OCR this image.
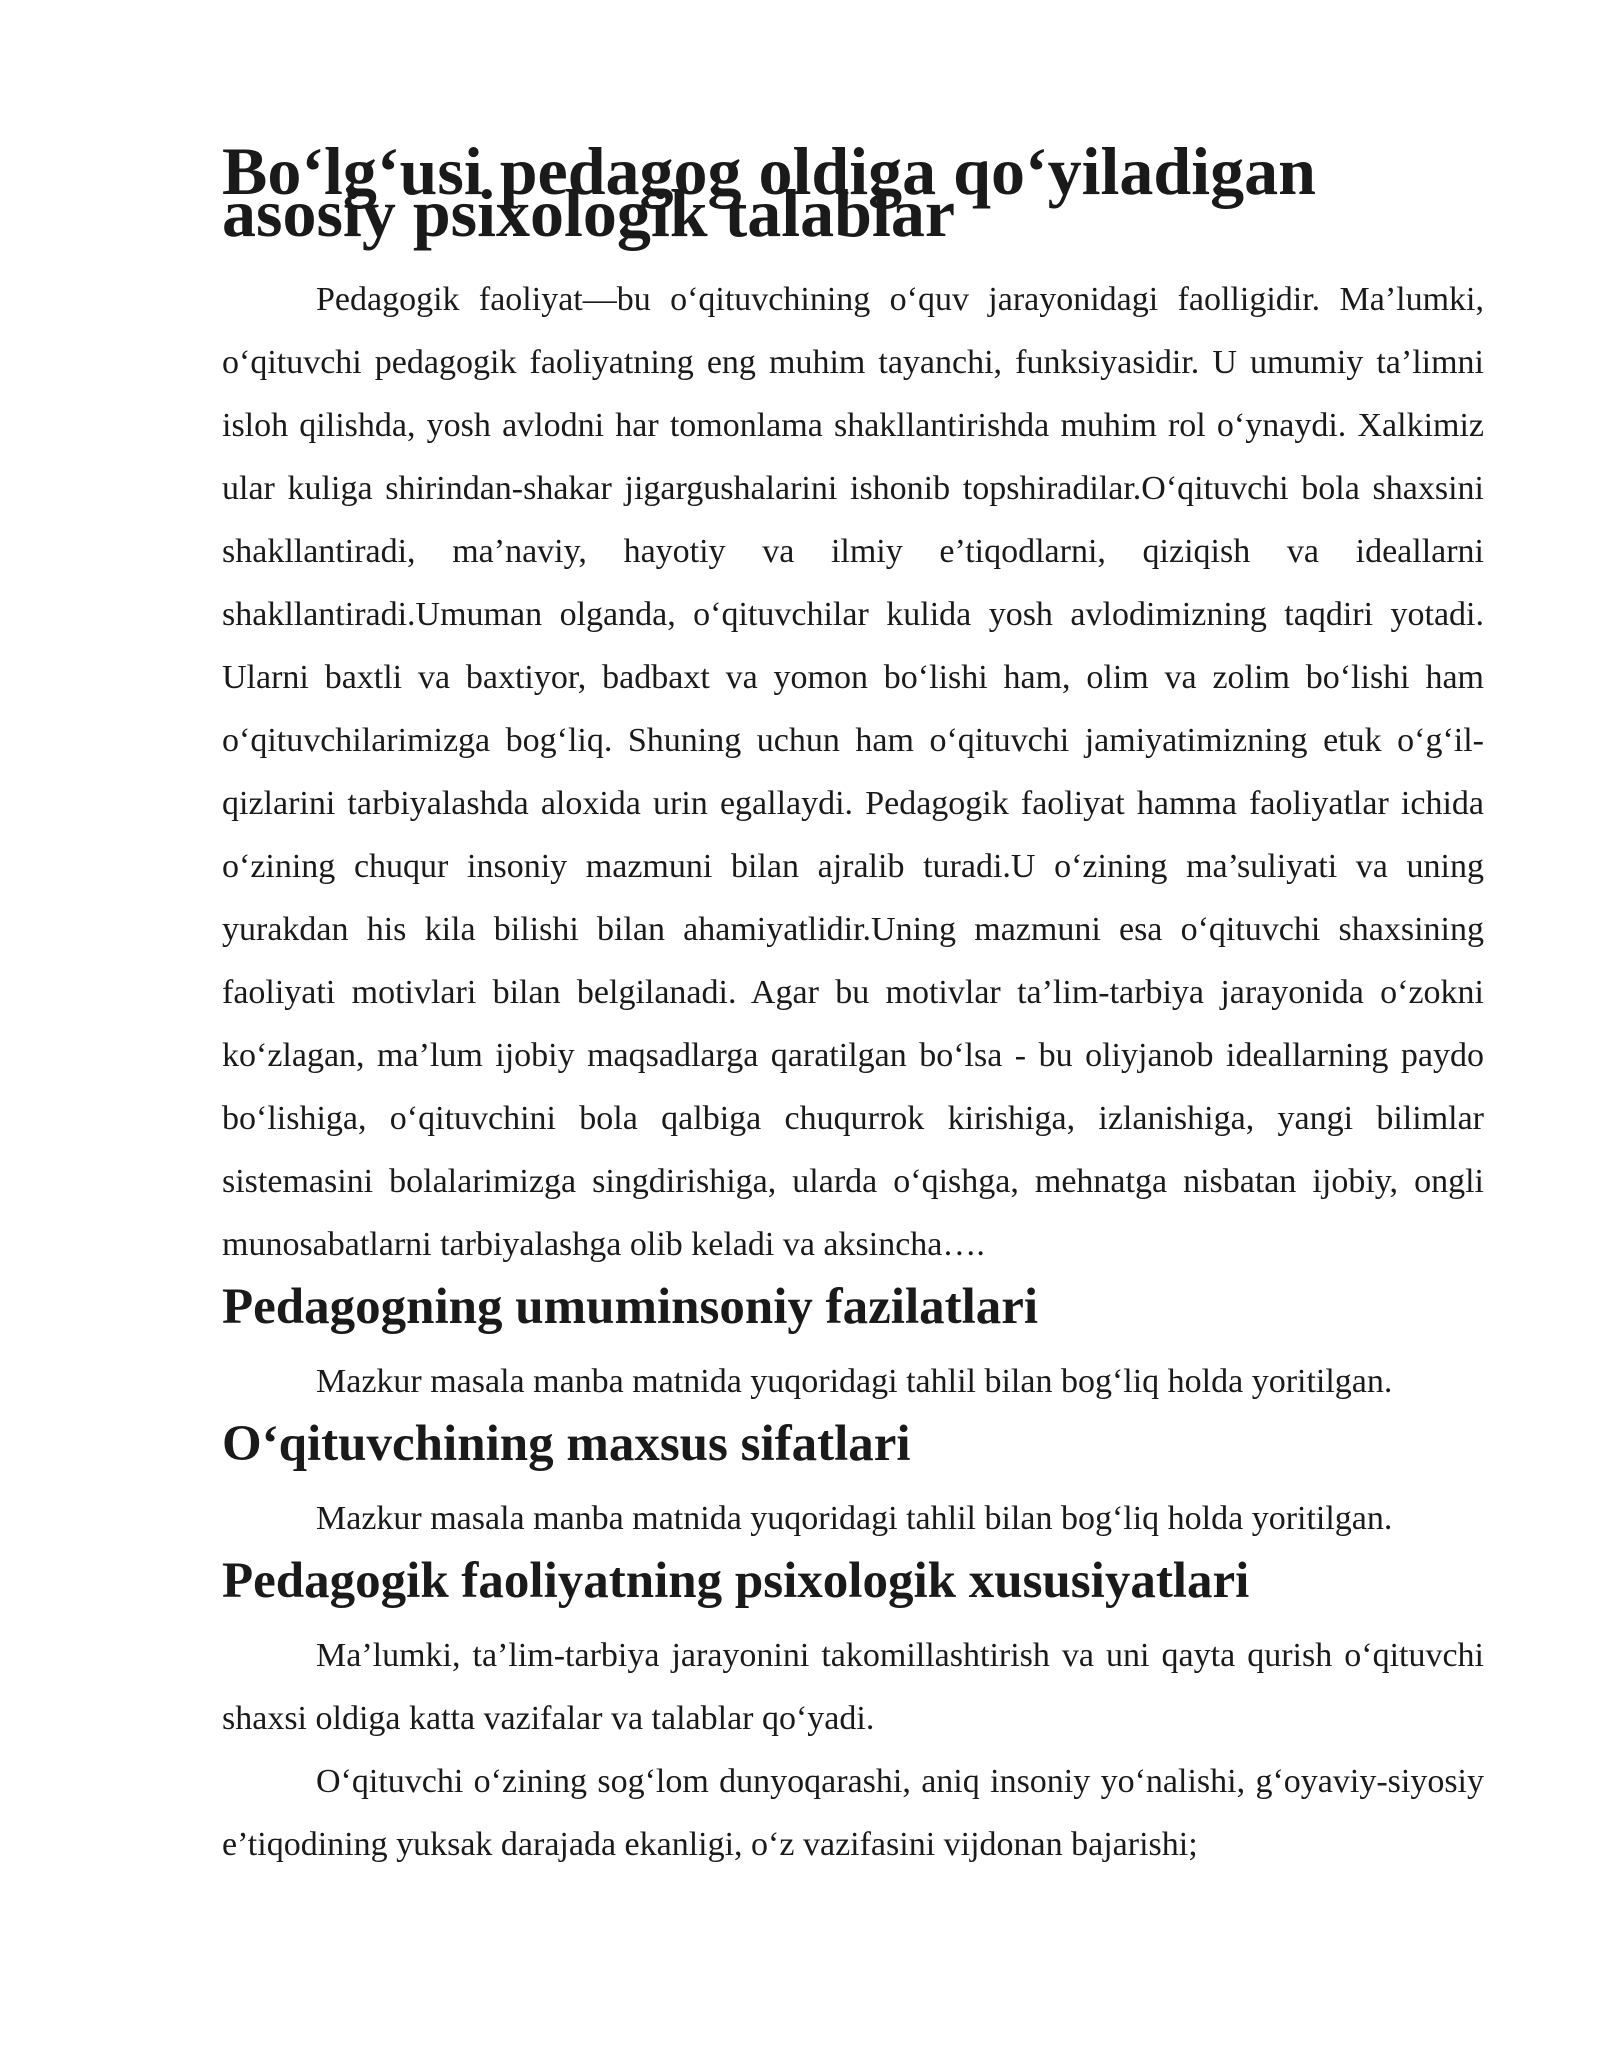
Bo‘lg‘usi pedagog oldiga qo‘yiladigan asosiy psixologik talablar

Pedagogik faoliyat—bu o‘qituvchining o‘quv jarayonidagi faolligidir. Ma’lumki, o‘qituvchi pedagogik faoliyatning eng muhim tayanchi, funksiyasidir. U umumiy ta’limni isloh qilishda, yosh avlodni har tomonlama shakllantirishda muhim rol o‘ynaydi. Xalkimiz ular kuliga shirindan-shakar jigargushalarini ishonib topshiradilar.O‘qituvchi bola shaxsini shakllantiradi, ma’naviy, hayotiy va ilmiy e’tiqodlarni, qiziqish va ideallarni shakllantiradi.Umuman olganda, o‘qituvchilar kulida yosh avlodimizning taqdiri yotadi. Ularni baxtli va baxtiyor, badbaxt va yomon bo‘lishi ham, olim va zolim bo‘lishi ham o‘qituvchilarimizga bog‘liq. Shuning uchun ham o‘qituvchi jamiyatimizning etuk o‘g‘il-qizlarini tarbiyalashda aloxida urin egallaydi. Pedagogik faoliyat hamma faoliyatlar ichida o‘zining chuqur insoniy mazmuni bilan ajralib turadi.U o‘zining ma’suliyati va uning yurakdan his kila bilishi bilan ahamiyatlidir.Uning mazmuni esa o‘qituvchi shaxsining faoliyati motivlari bilan belgilanadi. Agar bu motivlar ta’lim-tarbiya jarayonida o‘zokni ko‘zlagan, ma’lum ijobiy maqsadlarga qaratilgan bo‘lsa - bu oliyjanob ideallarning paydo bo‘lishiga, o‘qituvchini bola qalbiga chuqurrok kirishiga, izlanishiga, yangi bilimlar sistemasini bolalarimizga singdirishiga, ularda o‘qishga, mehnatga nisbatan ijobiy, ongli munosabatlarni tarbiyalashga olib keladi va aksincha….

Pedagogning umuminsoniy fazilatlari

Mazkur masala manba matnida yuqoridagi tahlil bilan bog‘liq holda yoritilgan.

O‘qituvchining maxsus sifatlari

Mazkur masala manba matnida yuqoridagi tahlil bilan bog‘liq holda yoritilgan.

Pedagogik faoliyatning psixologik xususiyatlari

Ma’lumki, ta’lim-tarbiya jarayonini takomillashtirish va uni qayta qurish o‘qituvchi shaxsi oldiga katta vazifalar va talablar qo‘yadi.

O‘qituvchi o‘zining sog‘lom dunyoqarashi, aniq insoniy yo‘nalishi, g‘oyaviy-siyosiy e’tiqodining yuksak darajada ekanligi, o‘z vazifasini vijdonan bajarishi;
